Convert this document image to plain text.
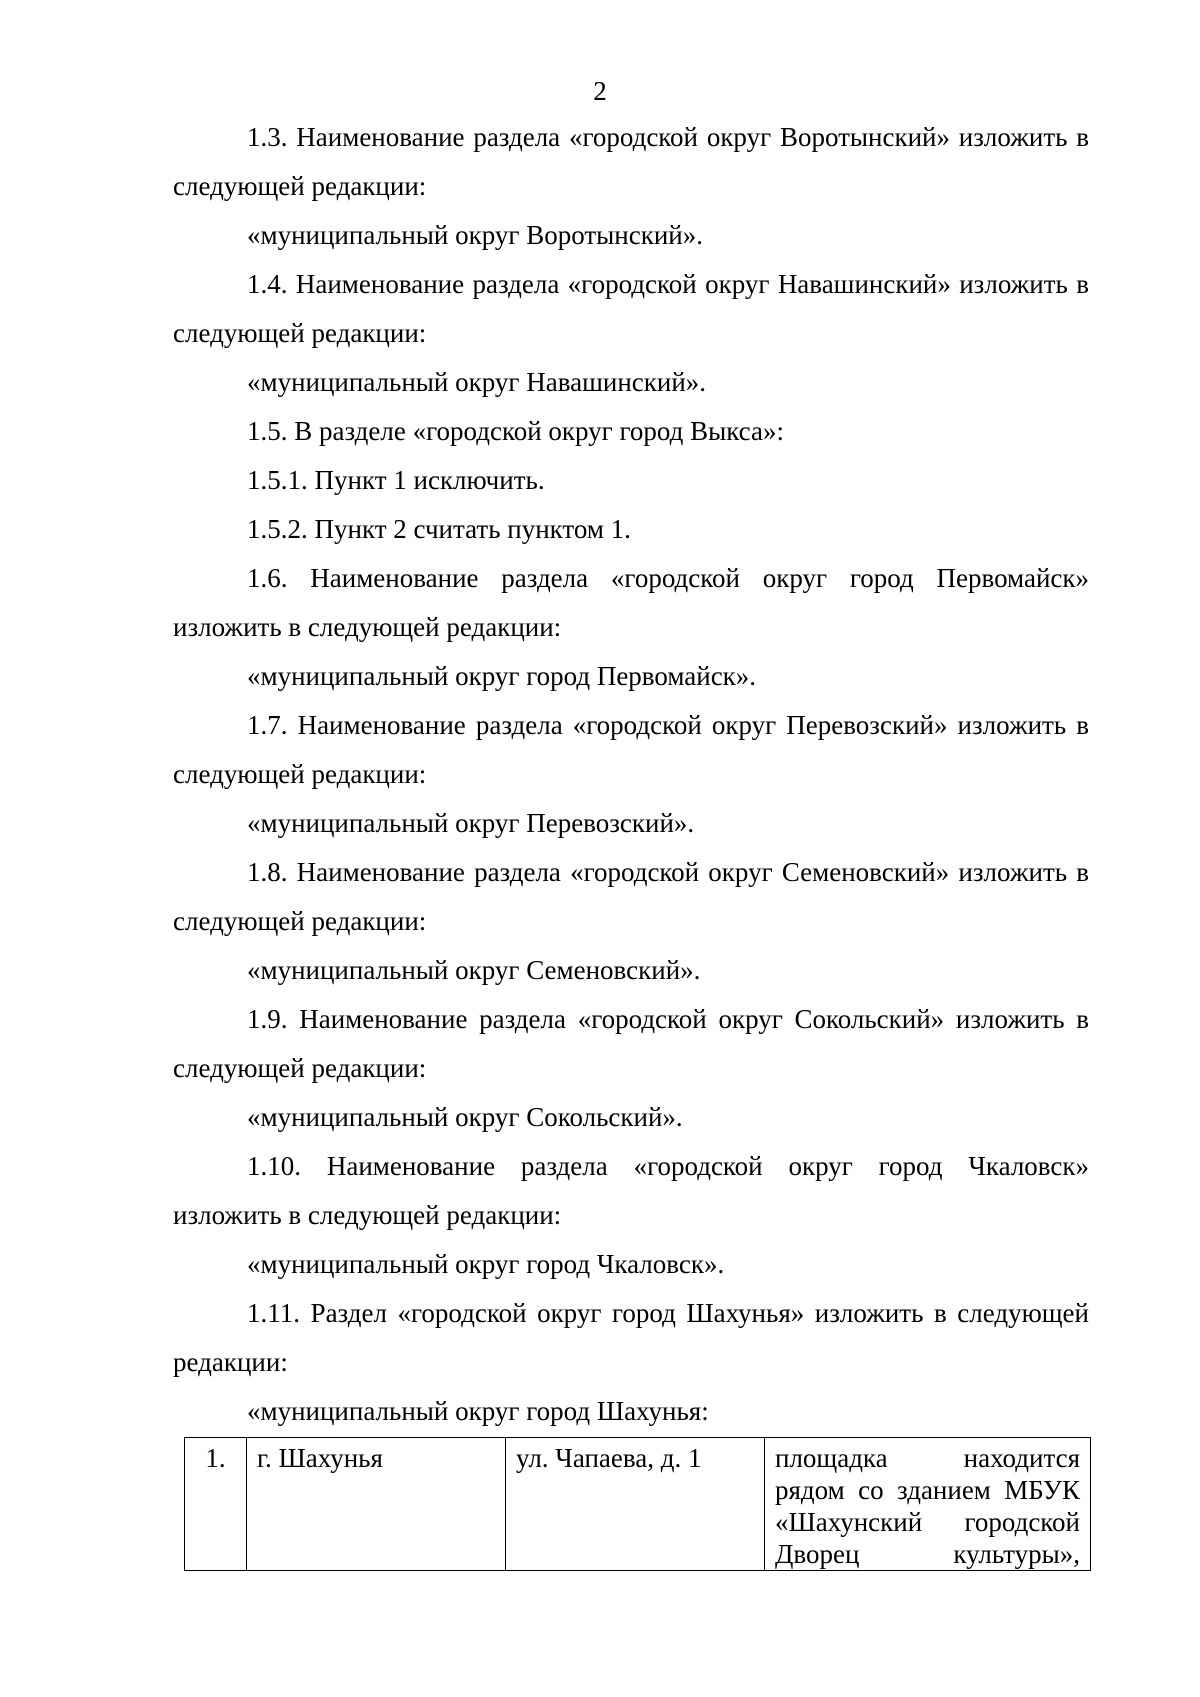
2

1.3. Наименование раздела «городской округ Воротынский» изложить в следующей редакции:

«муниципальный округ Воротынский».

1.4. Наименование раздела «городской округ Навашинский» изложить в следующей редакции:

«муниципальный округ Навашинский».

1.5. В разделе «городской округ город Выкса»:

1.5.1. Пункт 1 исключить.

1.5.2. Пункт 2 считать пунктом 1.

1.6. Наименование раздела «городской округ город Первомайск» изложить в следующей редакции:

«муниципальный округ город Первомайск».

1.7. Наименование раздела «городской округ Перевозский» изложить в следующей редакции:

«муниципальный округ Перевозский».

1.8. Наименование раздела «городской округ Семеновский» изложить в следующей редакции:

«муниципальный округ Семеновский».

1.9. Наименование раздела «городской округ Сокольский» изложить в следующей редакции:

«муниципальный округ Сокольский».

1.10. Наименование раздела «городской округ город Чкаловск» изложить в следующей редакции:

«муниципальный округ город Чкаловск».

1.11. Раздел «городской округ город Шахунья» изложить в следующей редакции:

«муниципальный округ город Шахунья:

1.	г. Шахунья	ул. Чапаева, д. 1	площадка находится рядом со зданием МБУК «Шахунский городской Дворец культуры»,
